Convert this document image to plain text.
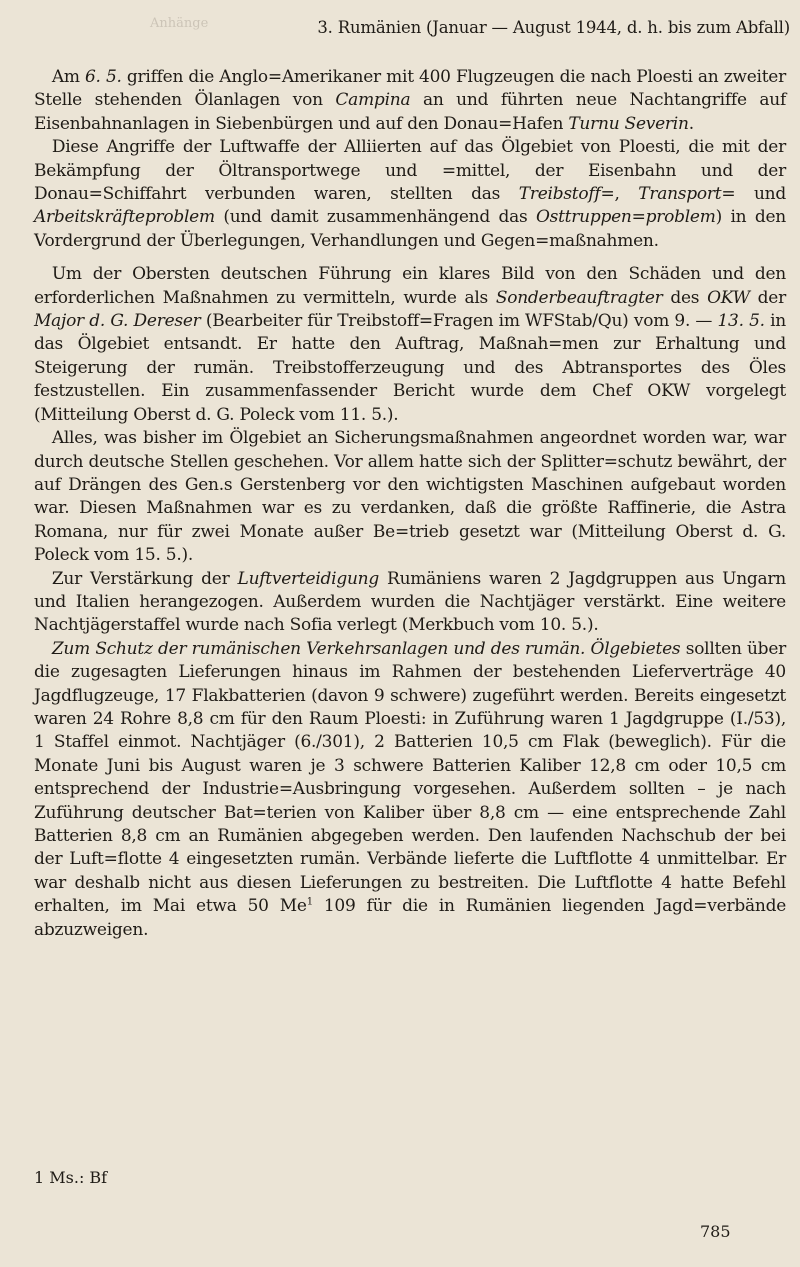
Anhänge	3. Rumänien (Januar — August 1944, d. h. bis zum Abfall)

Am 6. 5. griffen die Anglo=Amerikaner mit 400 Flugzeugen die nach Ploesti an zweiter Stelle stehenden Ölanlagen von Campina an und führten neue Nachtangriffe auf Eisenbahnanlagen in Siebenbürgen und auf den Donau=Hafen Turnu Severin.

Diese Angriffe der Luftwaffe der Alliierten auf das Ölgebiet von Ploesti, die mit der Bekämpfung der Öltransportwege und =mittel, der Eisenbahn und der Donau=Schiffahrt verbunden waren, stellten das Treibstoff=, Transport= und Arbeitskräfteproblem (und damit zusammenhängend das Osttruppen=problem) in den Vordergrund der Überlegungen, Verhandlungen und Gegen=maßnahmen.

Um der Obersten deutschen Führung ein klares Bild von den Schäden und den erforderlichen Maßnahmen zu vermitteln, wurde als Sonderbeauftragter des OKW der Major d. G. Dereser (Bearbeiter für Treibstoff=Fragen im WFStab/Qu) vom 9. — 13. 5. in das Ölgebiet entsandt. Er hatte den Auftrag, Maßnah=men zur Erhaltung und Steigerung der rumän. Treibstofferzeugung und des Abtransportes des Öles festzustellen. Ein zusammenfassender Bericht wurde dem Chef OKW vorgelegt (Mitteilung Oberst d. G. Poleck vom 11. 5.).

Alles, was bisher im Ölgebiet an Sicherungsmaßnahmen angeordnet worden war, war durch deutsche Stellen geschehen. Vor allem hatte sich der Splitter=schutz bewährt, der auf Drängen des Gen.s Gerstenberg vor den wichtigsten Maschinen aufgebaut worden war. Diesen Maßnahmen war es zu verdanken, daß die größte Raffinerie, die Astra Romana, nur für zwei Monate außer Be=trieb gesetzt war (Mitteilung Oberst d. G. Poleck vom 15. 5.).

Zur Verstärkung der Luftverteidigung Rumäniens waren 2 Jagdgruppen aus Ungarn und Italien herangezogen. Außerdem wurden die Nachtjäger verstärkt. Eine weitere Nachtjägerstaffel wurde nach Sofia verlegt (Merkbuch vom 10. 5.).

Zum Schutz der rumänischen Verkehrsanlagen und des rumän. Ölgebietes sollten über die zugesagten Lieferungen hinaus im Rahmen der bestehenden Lieferverträge 40 Jagdflugzeuge, 17 Flakbatterien (davon 9 schwere) zugeführt werden. Bereits eingesetzt waren 24 Rohre 8,8 cm für den Raum Ploesti: in Zuführung waren 1 Jagdgruppe (I./53), 1 Staffel einmot. Nachtjäger (6./301), 2 Batterien 10,5 cm Flak (beweglich). Für die Monate Juni bis August waren je 3 schwere Batterien Kaliber 12,8 cm oder 10,5 cm entsprechend der Industrie=Ausbringung vorgesehen. Außerdem sollten – je nach Zuführung deutscher Bat=terien von Kaliber über 8,8 cm — eine entsprechende Zahl Batterien 8,8 cm an Rumänien abgegeben werden. Den laufenden Nachschub der bei der Luft=flotte 4 eingesetzten rumän. Verbände lieferte die Luftflotte 4 unmittelbar. Er war deshalb nicht aus diesen Lieferungen zu bestreiten. Die Luftflotte 4 hatte Befehl erhalten, im Mai etwa 50 Me$^1$ 109 für die in Rumänien liegenden Jagd=verbände abzuzweigen.

1 Ms.: Bf
785
